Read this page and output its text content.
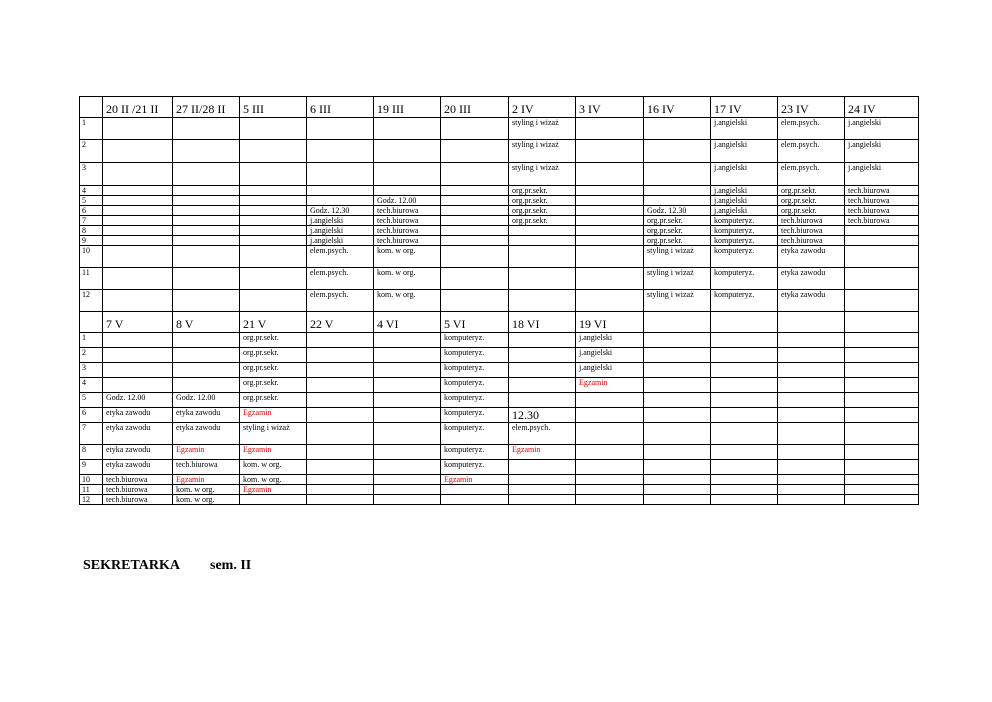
	20 II /21 II	27 II/28 II	5 III	6 III	19 III	20 III	2 IV	3 IV	16 IV	17 IV	23 IV	24 IV
1							styling i wizaż			j.angielski	elem.psych.	j.angielski
2							styling i wizaż			j.angielski	elem.psych.	j.angielski
3							styling i wizaż			j.angielski	elem.psych.	j.angielski
4							org.pr.sekr.			j.angielski	org.pr.sekr.	tech.biurowa
5					Godz. 12.00		org.pr.sekr.			j.angielski	org.pr.sekr.	tech.biurowa
6				Godz. 12.30	tech.biurowa		org.pr.sekr.		Godz. 12.30	j.angielski	org.pr.sekr.	tech.biurowa
7				j.angielski	tech.biurowa		org.pr.sekr.		org.pr.sekr.	komputeryz.	tech.biurowa	tech.biurowa
8				j.angielski	tech.biurowa				org.pr.sekr.	komputeryz.	tech.biurowa	
9				j.angielski	tech.biurowa				org.pr.sekr.	komputeryz.	tech.biurowa	
10				elem.psych.	kom. w org.				styling i wizaż	komputeryz.	etyka zawodu	
11				elem.psych.	kom. w org.				styling i wizaż	komputeryz.	etyka zawodu	
12				elem.psych.	kom. w org.				styling i wizaż	komputeryz.	etyka zawodu	
	7 V	8 V	21 V	22 V	4 VI	5 VI	18 VI	19 VI				
1			org.pr.sekr.			komputeryz.		j.angielski				
2			org.pr.sekr.			komputeryz.		j.angielski				
3			org.pr.sekr.			komputeryz.		j.angielski				
4			org.pr.sekr.			komputeryz.		Egzamin				
5	Godz. 12.00	Godz. 12.00	org.pr.sekr.			komputeryz.						
6	etyka zawodu	etyka zawodu	Egzamin			komputeryz.	12.30					
7	etyka zawodu	etyka zawodu	styling i wizaż			komputeryz.	elem.psych.					
8	etyka zawodu	Egzamin	Egzamin			komputeryz.	Egzamin					
9	etyka zawodu	tech.biurowa	kom. w org.			komputeryz.						
10	tech.biurowa	Egzamin	kom. w org.			Egzamin						
11	tech.biurowa	kom. w org.	Egzamin									
12	tech.biurowa	kom. w org.										
SEKRETARKA sem. II
